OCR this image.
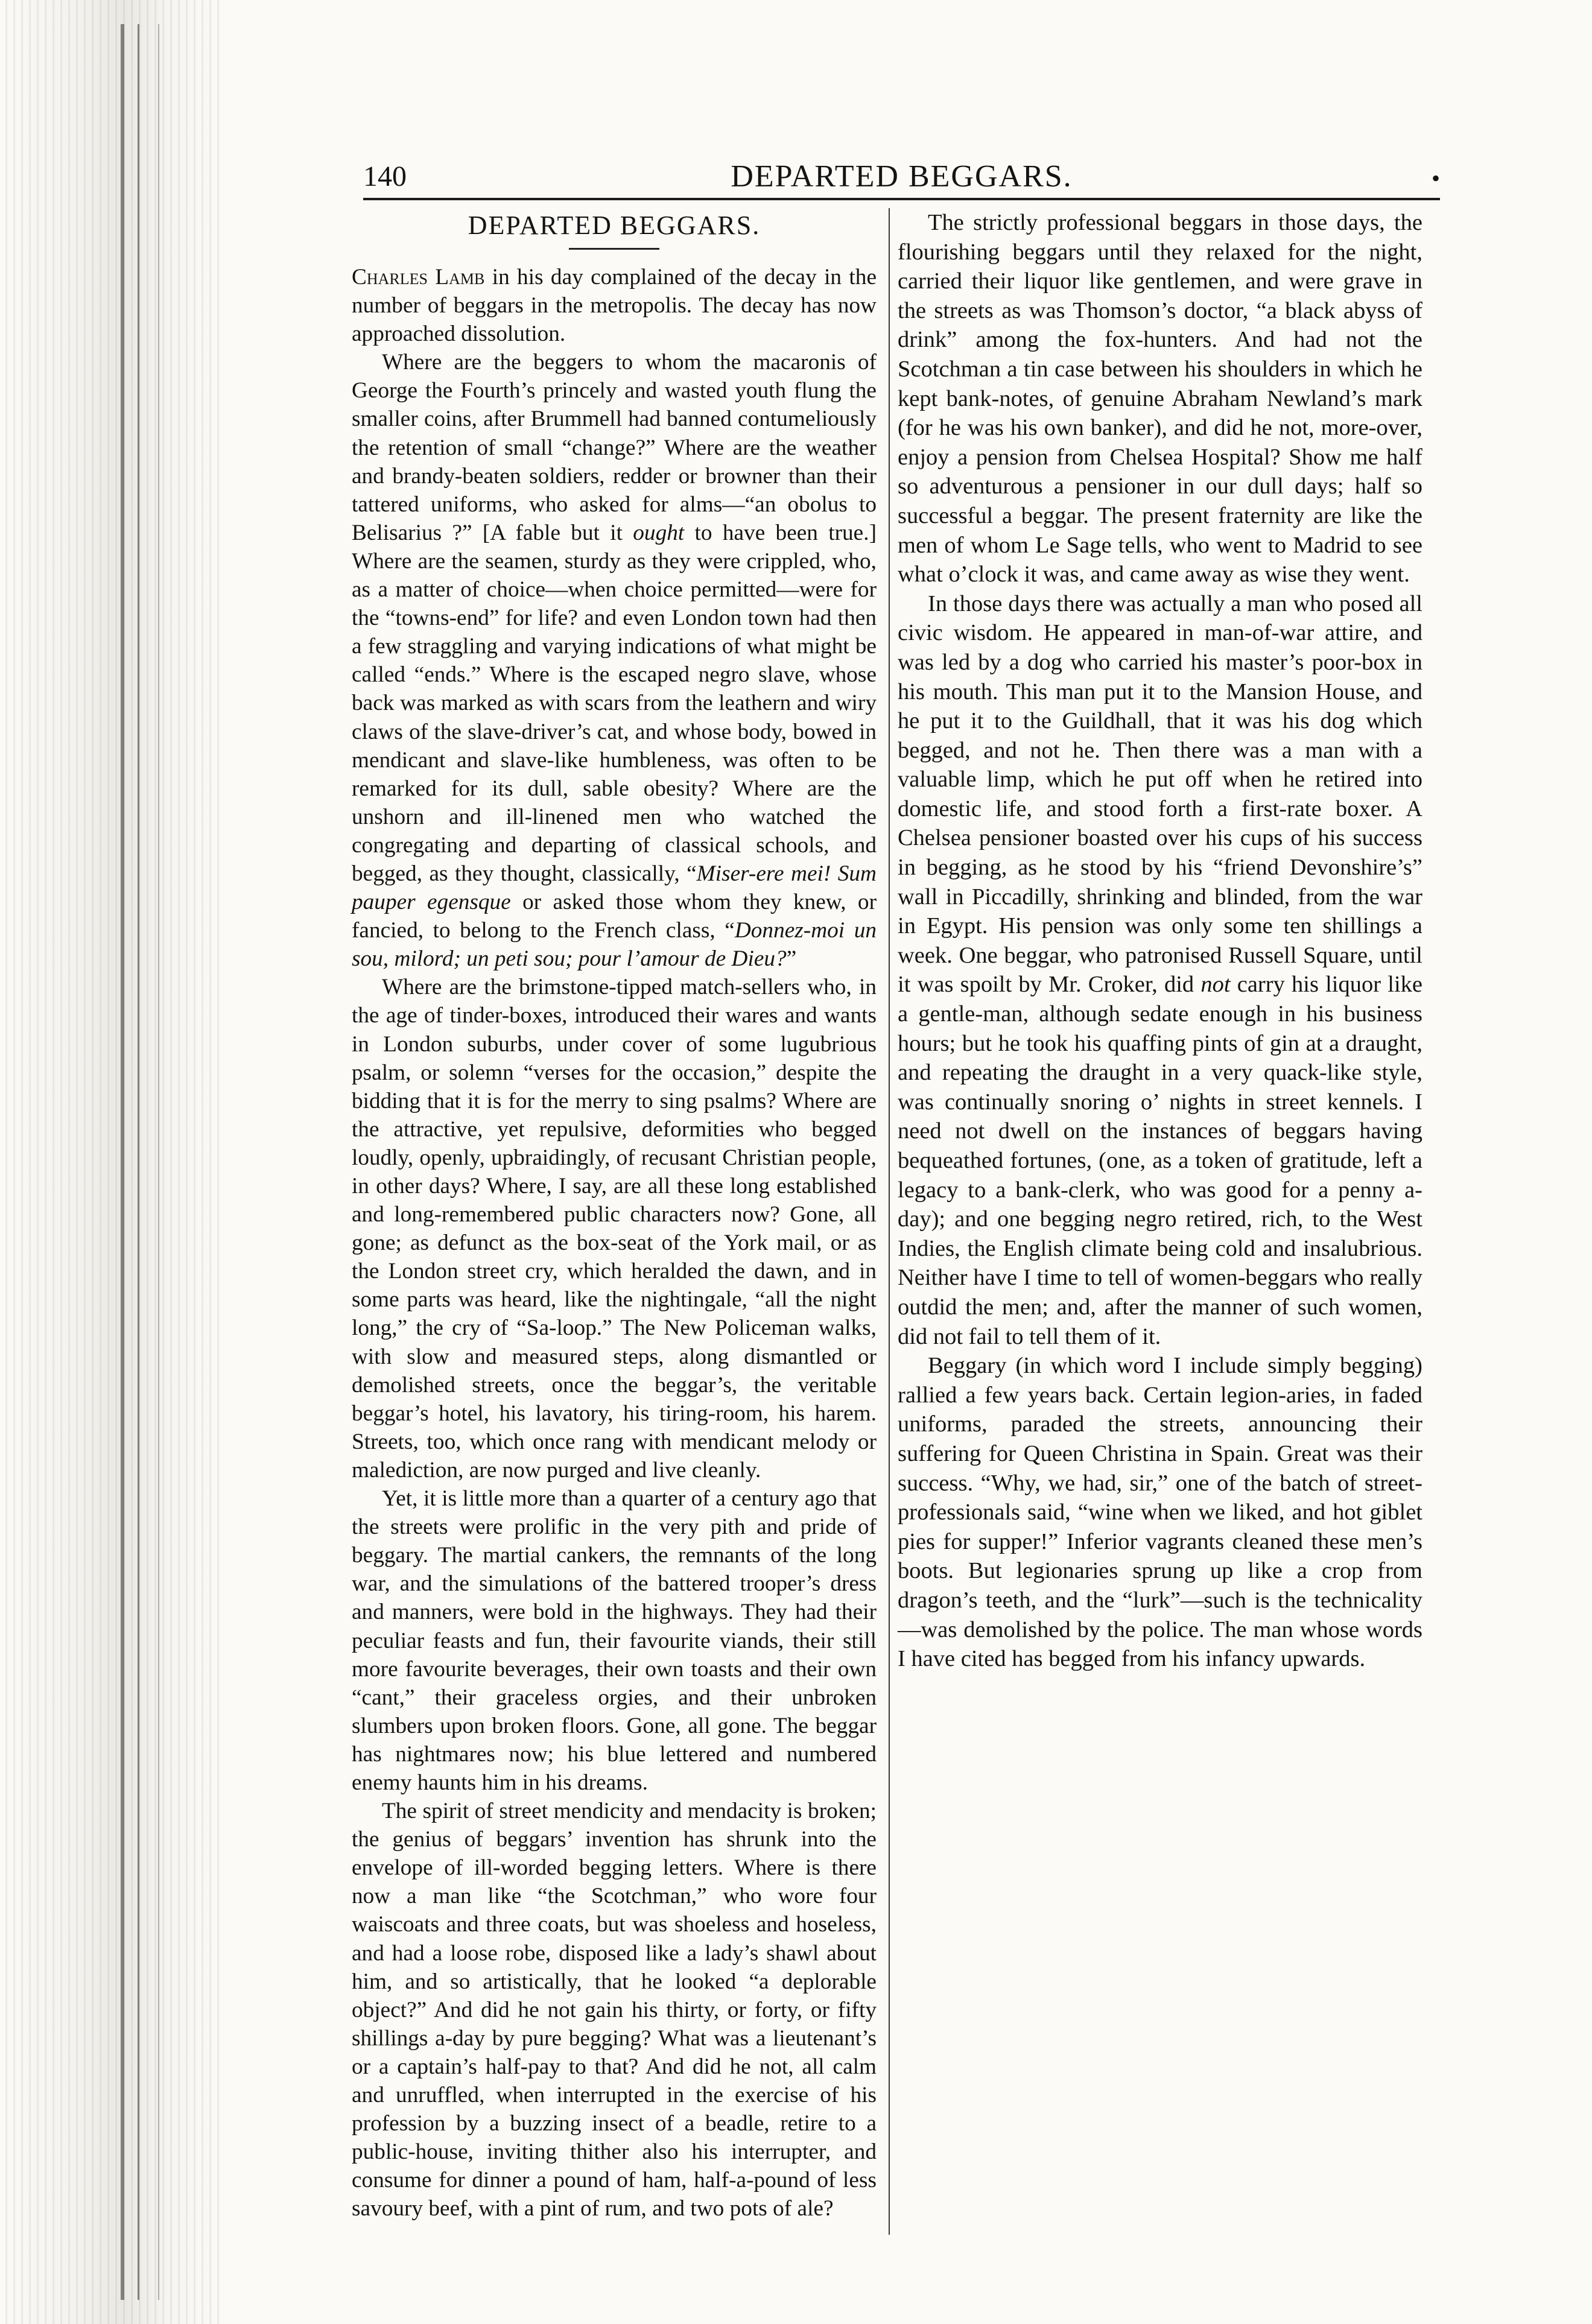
140	DEPARTED BEGGARS.	•
DEPARTED BEGGARS.

Charles Lamb in his day complained of the decay in the number of beggars in the metropolis. The decay has now approached dissolution.

Where are the beggers to whom the macaronis of George the Fourth’s princely and wasted youth flung the smaller coins, after Brummell had banned contumeliously the retention of small “change?” Where are the weather and brandy-beaten soldiers, redder or browner than their tattered uniforms, who asked for alms—“an obolus to Belisarius ?” [A fable but it ought to have been true.] Where are the seamen, sturdy as they were crippled, who, as a matter of choice—when choice permitted—were for the “towns-end” for life? and even London town had then a few straggling and varying indications of what might be called “ends.” Where is the escaped negro slave, whose back was marked as with scars from the leathern and wiry claws of the slave-driver’s cat, and whose body, bowed in mendicant and slave-like humbleness, was often to be remarked for its dull, sable obesity? Where are the unshorn and ill-linened men who watched the congregating and departing of classical schools, and begged, as they thought, classically, “Miser-ere mei! Sum pauper egensque or asked those whom they knew, or fancied, to belong to the French class, “Donnez-moi un sou, milord; un peti sou; pour l’amour de Dieu?”

Where are the brimstone-tipped match-sellers who, in the age of tinder-boxes, introduced their wares and wants in London suburbs, under cover of some lugubrious psalm, or solemn “verses for the occasion,” despite the bidding that it is for the merry to sing psalms? Where are the attractive, yet repulsive, deformities who begged loudly, openly, upbraidingly, of recusant Christian people, in other days? Where, I say, are all these long established and long-remembered public characters now? Gone, all gone; as defunct as the box-seat of the York mail, or as the London street cry, which heralded the dawn, and in some parts was heard, like the nightingale, “all the night long,” the cry of “Sa-loop.” The New Policeman walks, with slow and measured steps, along dismantled or demolished streets, once the beggar’s, the veritable beggar’s hotel, his lavatory, his tiring-room, his harem. Streets, too, which once rang with mendicant melody or malediction, are now purged and live cleanly.

Yet, it is little more than a quarter of a century ago that the streets were prolific in the very pith and pride of beggary. The martial cankers, the remnants of the long war, and the simulations of the battered trooper’s dress and manners, were bold in the highways. They had their peculiar feasts and fun, their favourite viands, their still more favourite beverages, their own toasts and their own “cant,” their graceless orgies, and their unbroken slumbers upon broken floors. Gone, all gone. The beggar has nightmares now; his blue lettered and numbered enemy haunts him in his dreams.

The spirit of street mendicity and mendacity is broken; the genius of beggars’ invention has shrunk into the envelope of ill-worded begging letters. Where is there now a man like “the Scotchman,” who wore four waiscoats and three coats, but was shoeless and hoseless, and had a loose robe, disposed like a lady’s shawl about him, and so artistically, that he looked “a deplorable object?” And did he not gain his thirty, or forty, or fifty shillings a-day by pure begging? What was a lieutenant’s or a captain’s half-pay to that? And did he not, all calm and unruffled, when interrupted in the exercise of his profession by a buzzing insect of a beadle, retire to a public-house, inviting thither also his interrupter, and consume for dinner a pound of ham, half-a-pound of less savoury beef, with a pint of rum, and two pots of ale?

The strictly professional beggars in those days, the flourishing beggars until they relaxed for the night, carried their liquor like gentlemen, and were grave in the streets as was Thomson’s doctor, “a black abyss of drink” among the fox-hunters. And had not the Scotchman a tin case between his shoulders in which he kept bank-notes, of genuine Abraham Newland’s mark (for he was his own banker), and did he not, more-over, enjoy a pension from Chelsea Hospital? Show me half so adventurous a pensioner in our dull days; half so successful a beggar. The present fraternity are like the men of whom Le Sage tells, who went to Madrid to see what o’clock it was, and came away as wise they went.

In those days there was actually a man who posed all civic wisdom. He appeared in man-of-war attire, and was led by a dog who carried his master’s poor-box in his mouth. This man put it to the Mansion House, and he put it to the Guildhall, that it was his dog which begged, and not he. Then there was a man with a valuable limp, which he put off when he retired into domestic life, and stood forth a first-rate boxer. A Chelsea pensioner boasted over his cups of his success in begging, as he stood by his “friend Devonshire’s” wall in Piccadilly, shrinking and blinded, from the war in Egypt. His pension was only some ten shillings a week. One beggar, who patronised Russell Square, until it was spoilt by Mr. Croker, did not carry his liquor like a gentle-man, although sedate enough in his business hours; but he took his quaffing pints of gin at a draught, and repeating the draught in a very quack-like style, was continually snoring o’ nights in street kennels. I need not dwell on the instances of beggars having bequeathed fortunes, (one, as a token of gratitude, left a legacy to a bank-clerk, who was good for a penny a-day); and one begging negro retired, rich, to the West Indies, the English climate being cold and insalubrious. Neither have I time to tell of women-beggars who really outdid the men; and, after the manner of such women, did not fail to tell them of it.

Beggary (in which word I include simply begging) rallied a few years back. Certain legion-aries, in faded uniforms, paraded the streets, announcing their suffering for Queen Christina in Spain. Great was their success. “Why, we had, sir,” one of the batch of street-professionals said, “wine when we liked, and hot giblet pies for supper!” Inferior vagrants cleaned these men’s boots. But legionaries sprung up like a crop from dragon’s teeth, and the “lurk”—such is the technicality—was demolished by the police. The man whose words I have cited has begged from his infancy upwards.
